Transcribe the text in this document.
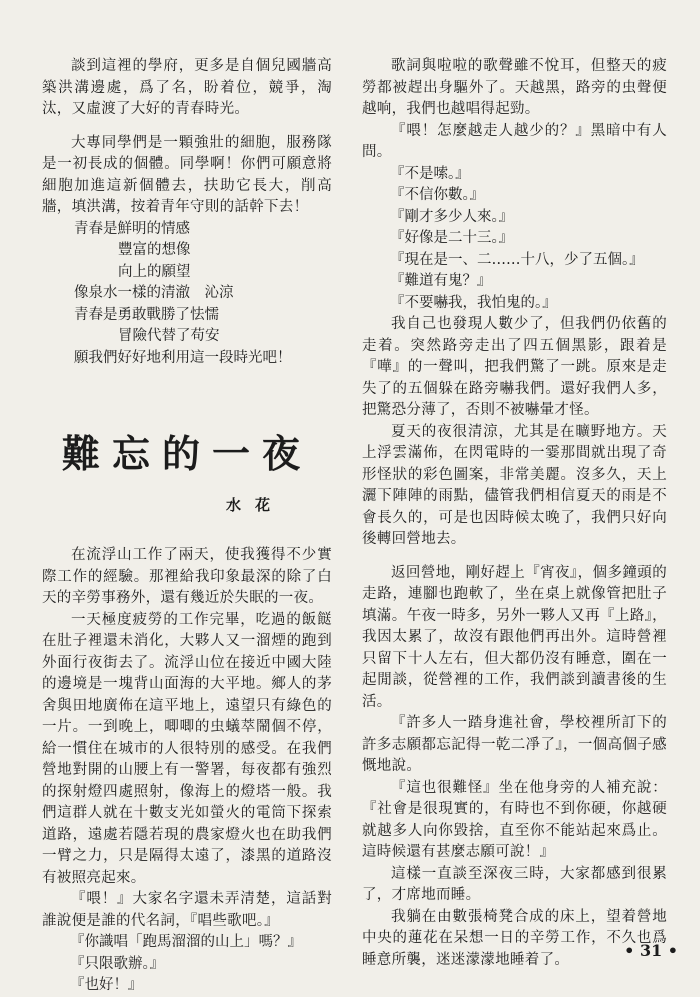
談到這裡的學府，更多是自個兒國牆高築洪溝邊處，爲了名，盼着位，競爭，淘汰，又虛渡了大好的青春時光。

大專同學們是一顆強壯的細胞，服務隊是一初長成的個體。同學啊！你們可願意將細胞加進這新個體去，扶助它長大，削高牆，填洪溝，按着青年守則的話幹下去！

青春是鮮明的情感

豐富的想像

向上的願望

像泉水一樣的清澈　沁涼

青春是勇敢戰勝了怯懦

冒險代替了苟安

願我們好好地利用這一段時光吧！

難忘的一夜
水花

在流浮山工作了兩天，使我獲得不少實際工作的經驗。那裡給我印象最深的除了白天的辛勞事務外，還有幾近於失眠的一夜。

一天極度疲勞的工作完畢，吃過的飯餸在肚子裡還未消化，大夥人又一溜煙的跑到外面行夜街去了。流浮山位在接近中國大陸的邊境是一塊背山面海的大平地。鄉人的茅舍與田地廣佈在這平地上，遠望只有綠色的一片。一到晚上，唧唧的虫蟻萃鬧個不停，給一慣住在城市的人很特別的感受。在我們營地對開的山腰上有一警署，每夜都有強烈的探射燈四處照射，像海上的燈塔一般。我們這群人就在十數支光如螢火的電筒下探索道路，遠處若隱若現的農家燈火也在助我們一臂之力，只是隔得太遠了，漆黑的道路沒有被照亮起來。

『喂！』大家名字還未弄清楚，這話對誰說便是誰的代名詞，『唱些歌吧。』

『你識唱「跑馬溜溜的山上」嗎？』

『只限歌辦。』

『也好！』

歌詞與啦啦的歌聲雖不悅耳，但整天的疲勞都被趕出身驅外了。天越黑，路旁的虫聲便越响，我們也越唱得起勁。

『喂！怎麼越走人越少的？』黑暗中有人問。

『不是嗦。』

『不信你數。』

『剛才多少人來。』

『好像是二十三。』

『現在是一、二……十八，少了五個。』

『難道有鬼？』

『不要嚇我，我怕鬼的。』

我自己也發現人數少了，但我們仍依舊的走着。突然路旁走出了四五個黑影，跟着是『嘩』的一聲叫，把我們驚了一跳。原來是走失了的五個躲在路旁嚇我們。還好我們人多，把驚恐分薄了，否則不被嚇暈才怪。

夏天的夜很清涼，尤其是在曠野地方。天上浮雲滿佈，在閃電時的一霎那間就出現了奇形怪狀的彩色圖案，非常美麗。沒多久，天上灑下陣陣的雨點，儘管我們相信夏天的雨是不會長久的，可是也因時候太晚了，我們只好向後轉回營地去。

返回營地，剛好趕上『宵夜』，個多鐘頭的走路，連腳也跑軟了，坐在桌上就像管把肚子填滿。午夜一時多，另外一夥人又再『上路』，我因太累了，故沒有跟他們再出外。這時營裡只留下十人左右，但大都仍沒有睡意，圍在一起閒談，從營裡的工作，我們談到讀書後的生活。

『許多人一踏身進社會，學校裡所訂下的許多志願都忘記得一乾二凈了』，一個高個子感慨地說。

『這也很難怪』坐在他身旁的人補充說：『社會是很現實的，有時也不到你硬，你越硬就越多人向你毀捨，直至你不能站起來爲止。這時候還有甚麼志願可說！』

這樣一直談至深夜三時，大家都感到很累了，才席地而睡。

我躺在由數張椅凳合成的床上，望着營地中央的蓮花在呆想一日的辛勞工作，不久也爲睡意所襲，迷迷濛濛地睡着了。	• 31 •
